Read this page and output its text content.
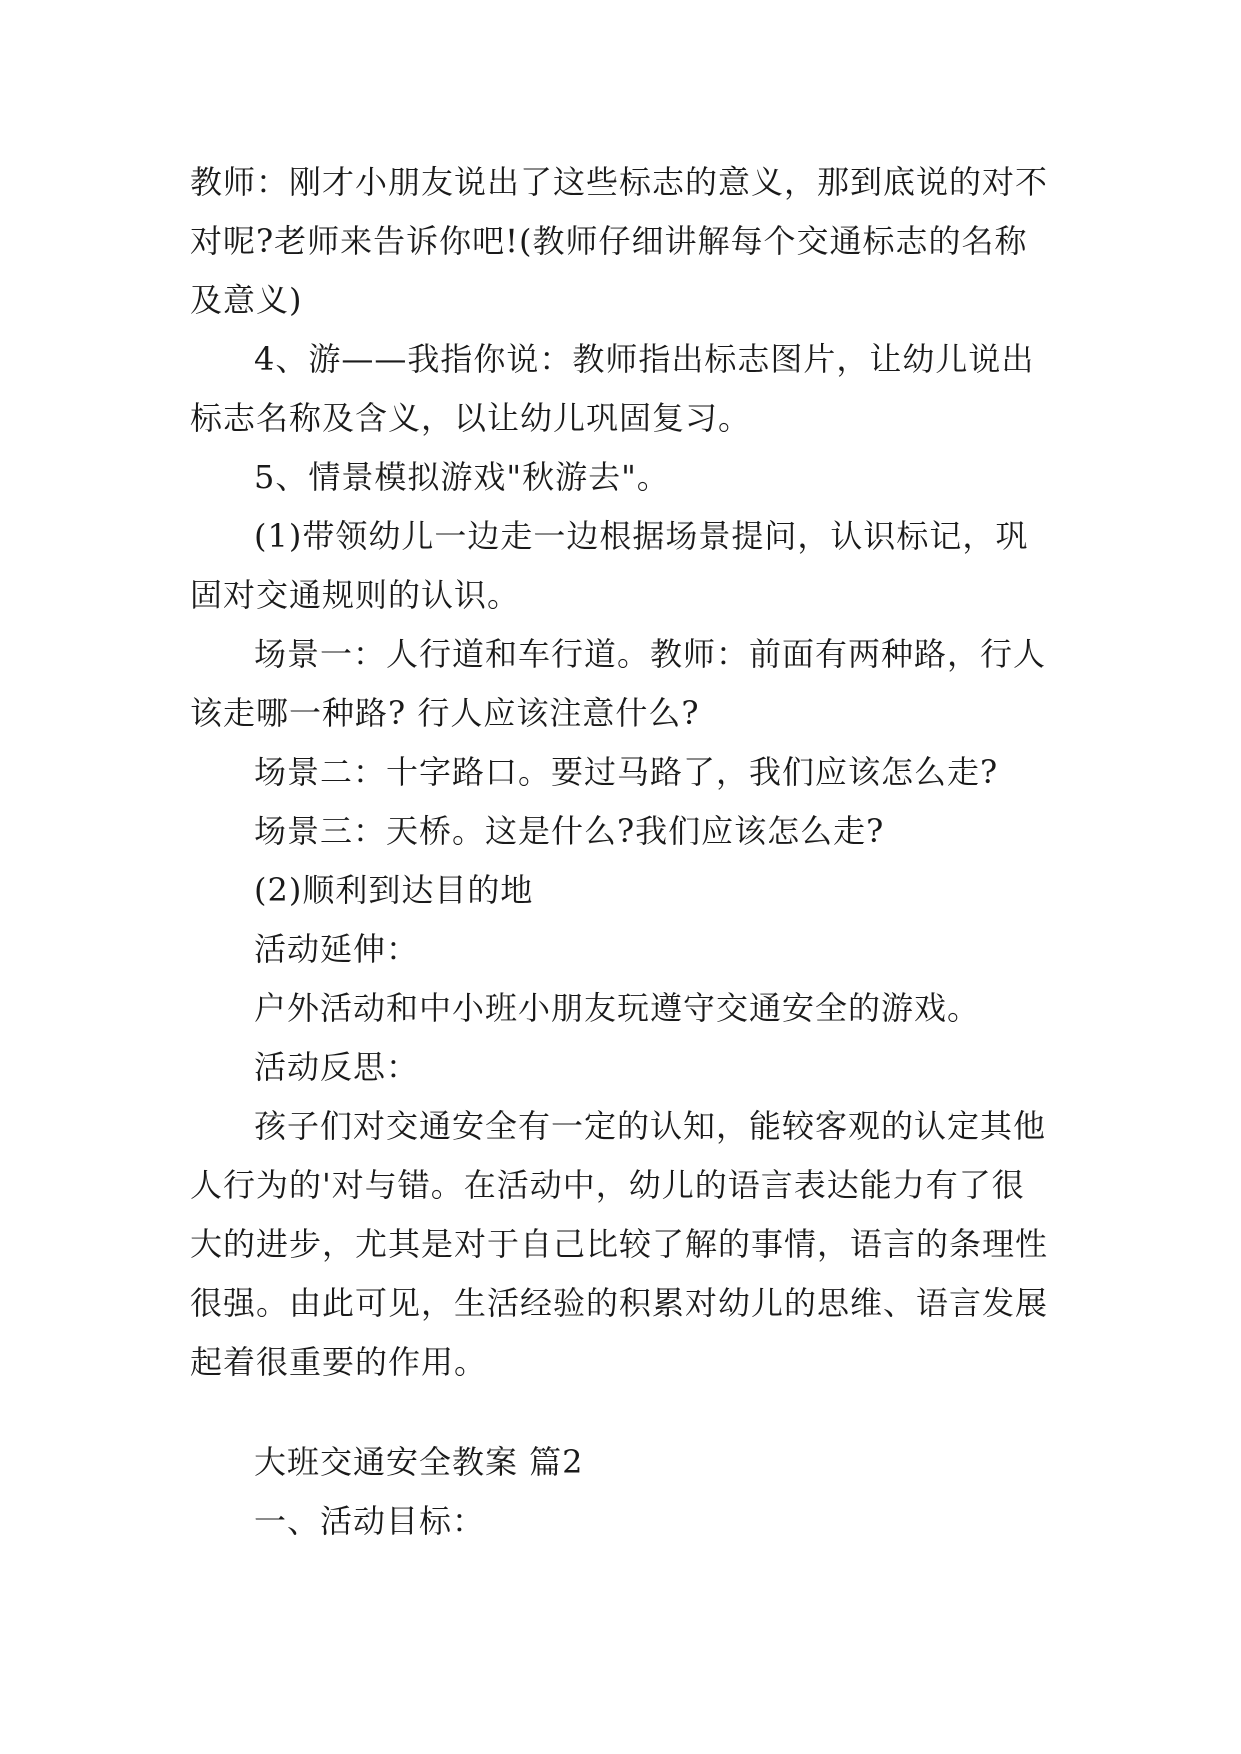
教师：刚才小朋友说出了这些标志的意义，那到底说的对不
对呢?老师来告诉你吧!(教师仔细讲解每个交通标志的名称
及意义)
4、游——我指你说：教师指出标志图片，让幼儿说出
标志名称及含义，以让幼儿巩固复习。
5、情景模拟游戏"秋游去"。
(1)带领幼儿一边走一边根据场景提问，认识标记，巩
固对交通规则的认识。
场景一：人行道和车行道。教师：前面有两种路，行人
该走哪一种路? 行人应该注意什么?
场景二：十字路口。要过马路了，我们应该怎么走?
场景三：天桥。这是什么?我们应该怎么走?
(2)顺利到达目的地
活动延伸：
户外活动和中小班小朋友玩遵守交通安全的游戏。
活动反思：
孩子们对交通安全有一定的认知，能较客观的认定其他
人行为的'对与错。在活动中，幼儿的语言表达能力有了很
大的进步，尤其是对于自己比较了解的事情，语言的条理性
很强。由此可见，生活经验的积累对幼儿的思维、语言发展
起着很重要的作用。
大班交通安全教案 篇2
一、活动目标：
